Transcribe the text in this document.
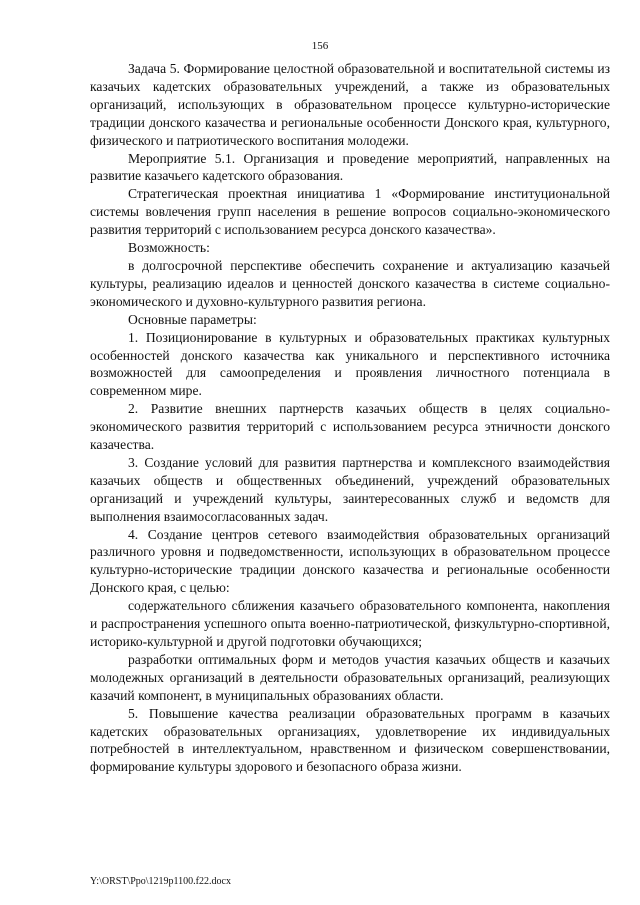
156

Задача 5. Формирование целостной образовательной и воспитательной системы из казачьих кадетских образовательных учреждений, а также из образовательных организаций, использующих в образовательном процессе культурно-исторические традиции донского казачества и региональные особенности Донского края, культурного, физического и патриотического воспитания молодежи.

Мероприятие 5.1. Организация и проведение мероприятий, направленных на развитие казачьего кадетского образования.

Стратегическая проектная инициатива 1 «Формирование институциональной системы вовлечения групп населения в решение вопросов социально-экономического развития территорий с использованием ресурса донского казачества».

Возможность:

в долгосрочной перспективе обеспечить сохранение и актуализацию казачьей культуры, реализацию идеалов и ценностей донского казачества в системе социально-экономического и духовно-культурного развития региона.

Основные параметры:

1. Позиционирование в культурных и образовательных практиках культурных особенностей донского казачества как уникального и перспективного источника возможностей для самоопределения и проявления личностного потенциала в современном мире.

2. Развитие внешних партнерств казачьих обществ в целях социально-экономического развития территорий с использованием ресурса этничности донского казачества.

3. Создание условий для развития партнерства и комплексного взаимодействия казачьих обществ и общественных объединений, учреждений образовательных организаций и учреждений культуры, заинтересованных служб и ведомств для выполнения взаимосогласованных задач.

4. Создание центров сетевого взаимодействия образовательных организаций различного уровня и подведомственности, использующих в образовательном процессе культурно-исторические традиции донского казачества и региональные особенности Донского края, с целью:

содержательного сближения казачьего образовательного компонента, накопления и распространения успешного опыта военно-патриотической, физкультурно-спортивной, историко-культурной и другой подготовки обучающихся;

разработки оптимальных форм и методов участия казачьих обществ и казачьих молодежных организаций в деятельности образовательных организаций, реализующих казачий компонент, в муниципальных образованиях области.

5. Повышение качества реализации образовательных программ в казачьих кадетских образовательных организациях, удовлетворение их индивидуальных потребностей в интеллектуальном, нравственном и физическом совершенствовании, формирование культуры здорового и безопасного образа жизни.

Y:\ORST\Ppo\1219p1100.f22.docx
